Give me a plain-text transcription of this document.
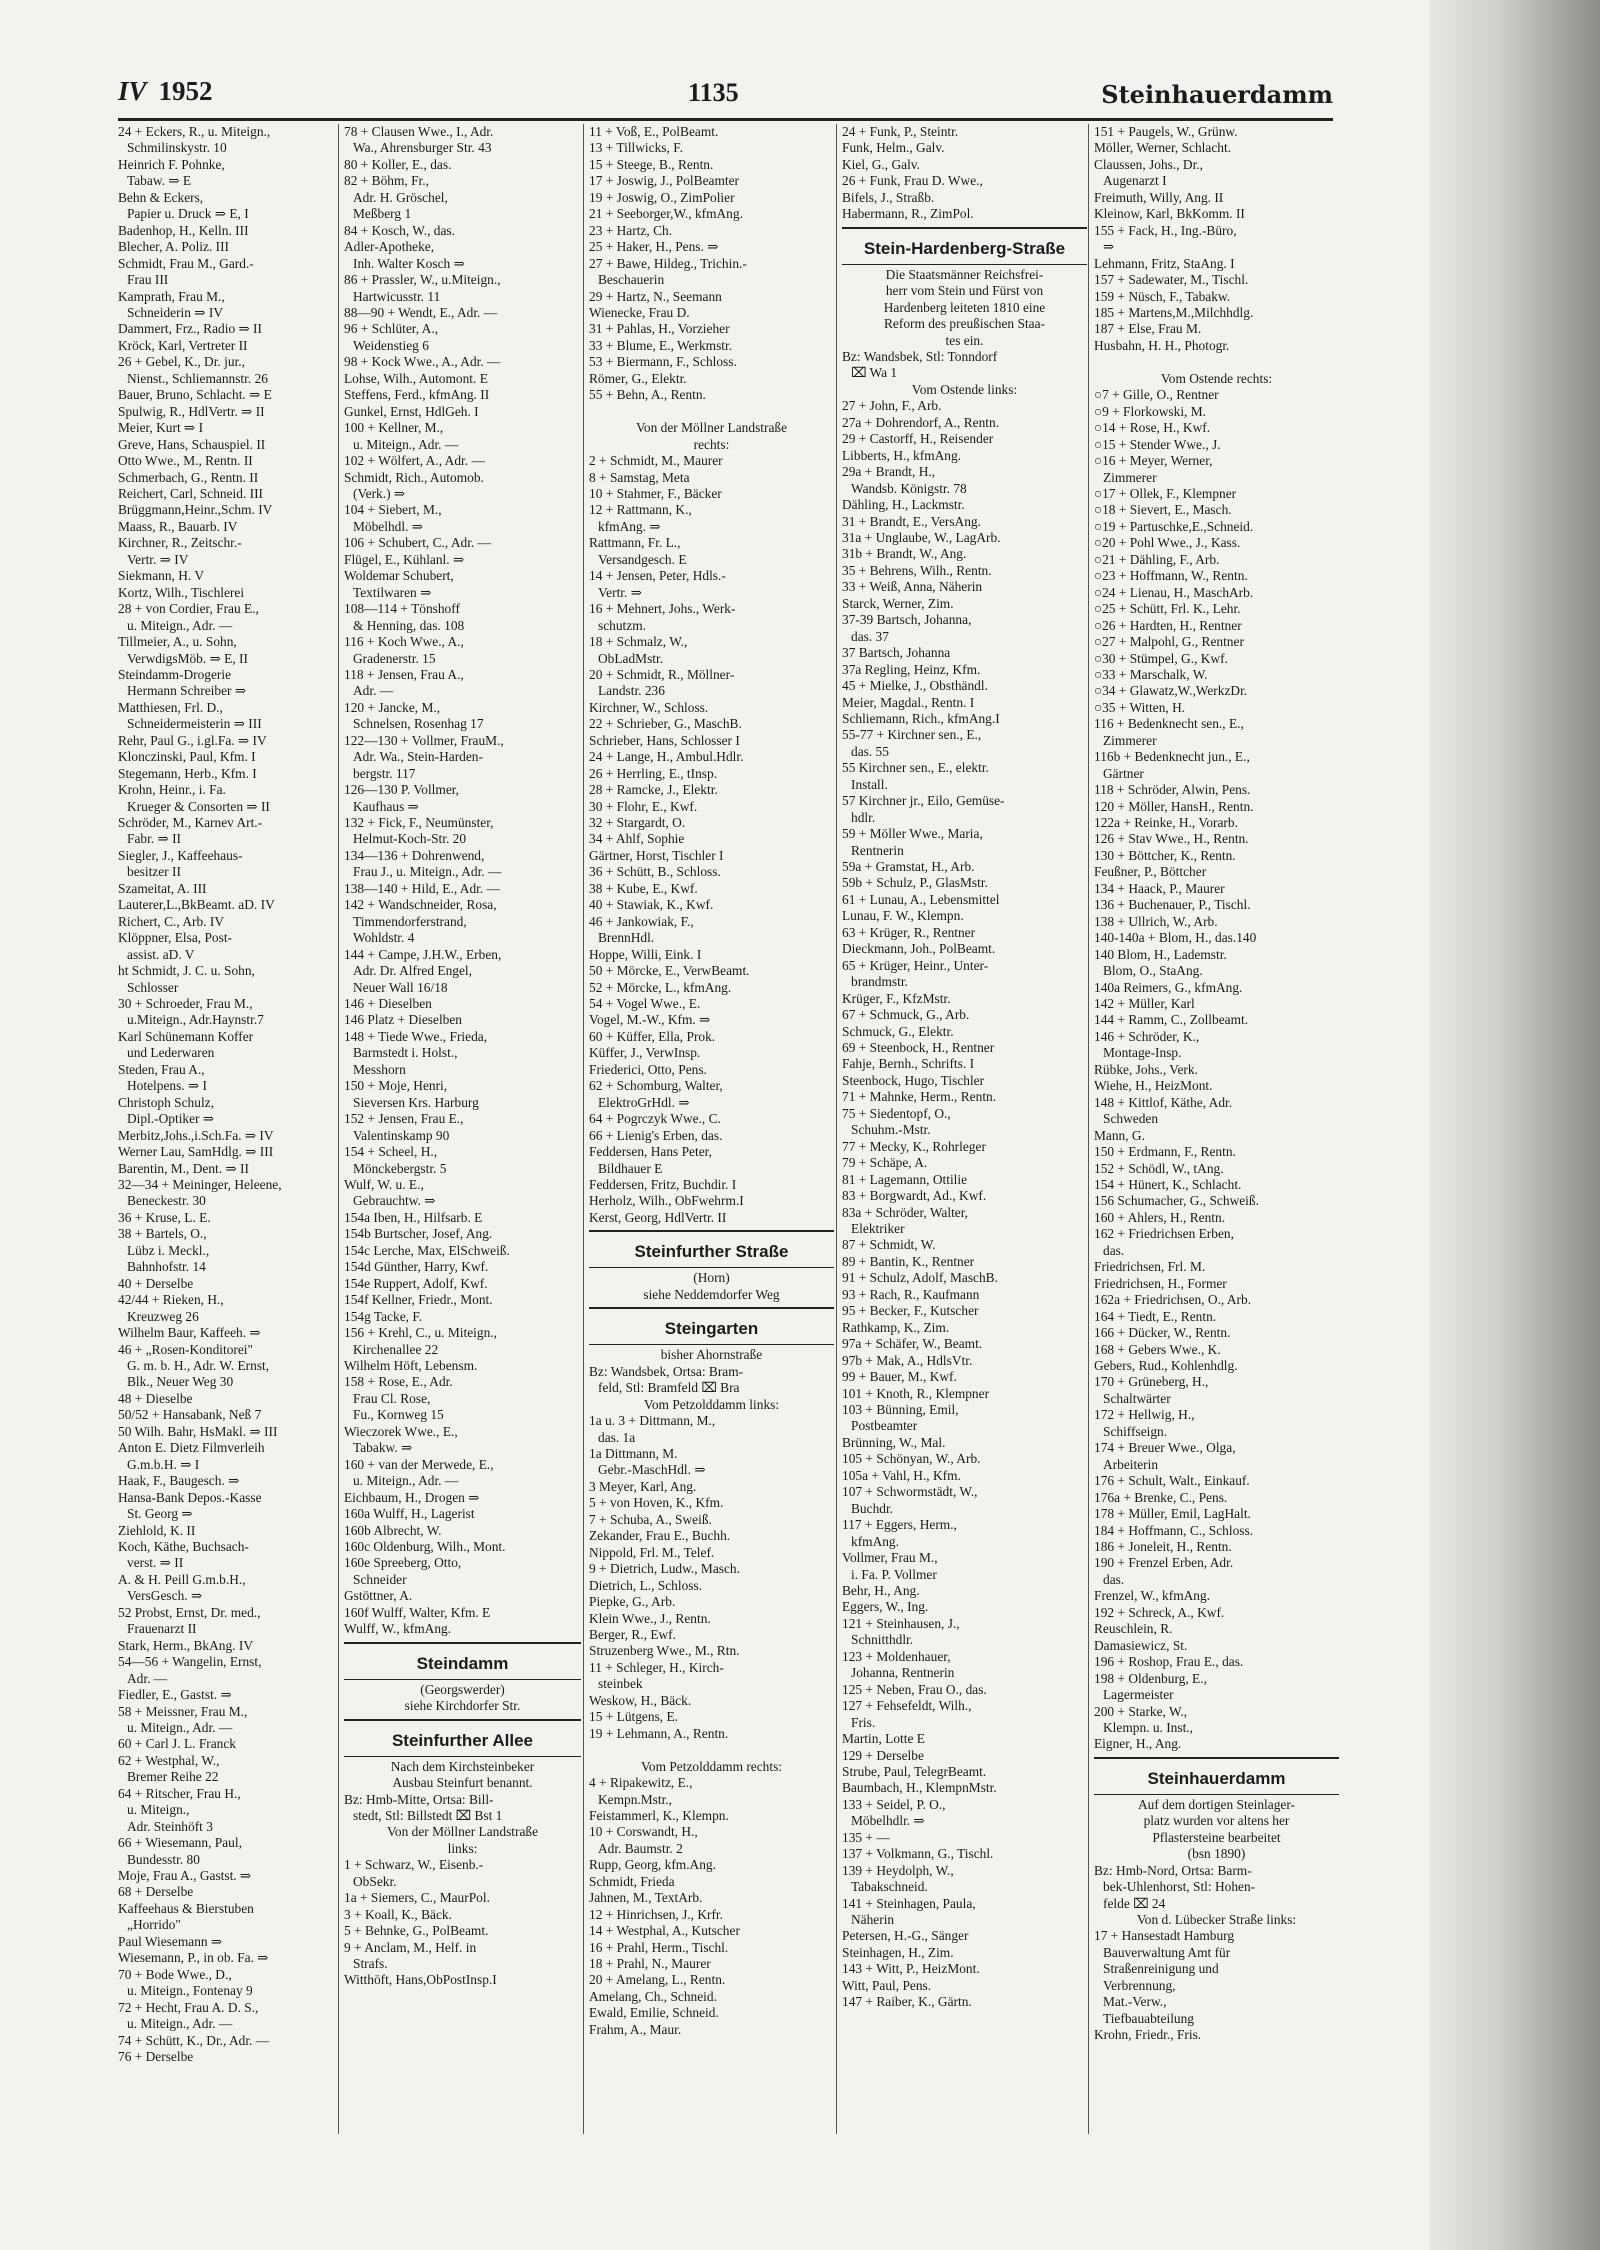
IV 1952	1135	Steinhauerdamm
24 + Eckers, R., u. Miteign.,
Schmilinskystr. 10
Heinrich F. Pohnke,
Tabaw. ⇒ E
Behn & Eckers,
Papier u. Druck ⇒ E, I
Badenhop, H., Kelln. III
Blecher, A. Poliz. III
Schmidt, Frau M., Gard.-
Frau III
Kamprath, Frau M.,
Schneiderin ⇒ IV
Dammert, Frz., Radio ⇒ II
Kröck, Karl, Vertreter II
26 + Gebel, K., Dr. jur.,
Nienst., Schliemannstr. 26
Bauer, Bruno, Schlacht. ⇒ E
Spulwig, R., HdlVertr. ⇒ II
Meier, Kurt ⇒ I
Greve, Hans, Schauspiel. II
Otto Wwe., M., Rentn. II
Schmerbach, G., Rentn. II
Reichert, Carl, Schneid. III
Brüggmann,Heinr.,Schm. IV
Maass, R., Bauarb. IV
Kirchner, R., Zeitschr.-
Vertr. ⇒ IV
Siekmann, H. V
Kortz, Wilh., Tischlerei
28 + von Cordier, Frau E.,
u. Miteign., Adr. —
Tillmeier, A., u. Sohn,
VerwdigsMöb. ⇒ E, II
Steindamm-Drogerie
Hermann Schreiber ⇒
Matthiesen, Frl. D.,
Schneidermeisterin ⇒ III
Rehr, Paul G., i.gl.Fa. ⇒ IV
Klonczinski, Paul, Kfm. I
Stegemann, Herb., Kfm. I
Krohn, Heinr., i. Fa.
Krueger & Consorten ⇒ II
Schröder, M., Karnev Art.-
Fabr. ⇒ II
Siegler, J., Kaffeehaus-
besitzer II
Szameitat, A. III
Lauterer,L.,BkBeamt. aD. IV
Richert, C., Arb. IV
Klöppner, Elsa, Post-
assist. aD. V
ht Schmidt, J. C. u. Sohn,
Schlosser
30 + Schroeder, Frau M.,
u.Miteign., Adr.Haynstr.7
Karl Schünemann Koffer
und Lederwaren
Steden, Frau A.,
Hotelpens. ⇒ I
Christoph Schulz,
Dipl.-Optiker ⇒
Merbitz,Johs.,i.Sch.Fa. ⇒ IV
Werner Lau, SamHdlg. ⇒ III
Barentin, M., Dent. ⇒ II
32—34 + Meininger, Heleene,
Beneckestr. 30
36 + Kruse, L. E.
38 + Bartels, O.,
Lübz i. Meckl.,
Bahnhofstr. 14
40 + Derselbe
42/44 + Rieken, H.,
Kreuzweg 26
Wilhelm Baur, Kaffeeh. ⇒
46 + „Rosen-Konditorei"
G. m. b. H., Adr. W. Ernst,
Blk., Neuer Weg 30
48 + Dieselbe
50/52 + Hansabank, Neß 7
50 Wilh. Bahr, HsMakl. ⇒ III
Anton E. Dietz Filmverleih
G.m.b.H. ⇒ I
Haak, F., Baugesch. ⇒
Hansa-Bank Depos.-Kasse
St. Georg ⇒
Ziehlold, K. II
Koch, Käthe, Buchsach-
verst. ⇒ II
A. & H. Peill G.m.b.H.,
VersGesch. ⇒
52 Probst, Ernst, Dr. med.,
Frauenarzt II
Stark, Herm., BkAng. IV
54—56 + Wangelin, Ernst,
Adr. —
Fiedler, E., Gastst. ⇒
58 + Meissner, Frau M.,
u. Miteign., Adr. —
60 + Carl J. L. Franck
62 + Westphal, W.,
Bremer Reihe 22
64 + Ritscher, Frau H.,
u. Miteign.,
Adr. Steinhöft 3
66 + Wiesemann, Paul,
Bundesstr. 80
Moje, Frau A., Gastst. ⇒
68 + Derselbe
Kaffeehaus & Bierstuben
„Horrido"
Paul Wiesemann ⇒
Wiesemann, P., in ob. Fa. ⇒
70 + Bode Wwe., D.,
u. Miteign., Fontenay 9
72 + Hecht, Frau A. D. S.,
u. Miteign., Adr. —
74 + Schütt, K., Dr., Adr. —
76 + Derselbe
78 + Clausen Wwe., I., Adr.
Wa., Ahrensburger Str. 43
80 + Koller, E., das.
82 + Böhm, Fr.,
Adr. H. Gröschel,
Meßberg 1
84 + Kosch, W., das.
Adler-Apotheke,
Inh. Walter Kosch ⇒
86 + Prassler, W., u.Miteign.,
Hartwicusstr. 11
88—90 + Wendt, E., Adr. —
96 + Schlüter, A.,
Weidenstieg 6
98 + Kock Wwe., A., Adr. —
Lohse, Wilh., Automont. E
Steffens, Ferd., kfmAng. II
Gunkel, Ernst, HdlGeh. I
100 + Kellner, M.,
u. Miteign., Adr. —
102 + Wölfert, A., Adr. —
Schmidt, Rich., Automob.
(Verk.) ⇒
104 + Siebert, M.,
Möbelhdl. ⇒
106 + Schubert, C., Adr. —
Flügel, E., Kühlanl. ⇒
Woldemar Schubert,
Textilwaren ⇒
108—114 + Tönshoff
& Henning, das. 108
116 + Koch Wwe., A.,
Gradenerstr. 15
118 + Jensen, Frau A.,
Adr. —
120 + Jancke, M.,
Schnelsen, Rosenhag 17
122—130 + Vollmer, FrauM.,
Adr. Wa., Stein-Harden-
bergstr. 117
126—130 P. Vollmer,
Kaufhaus ⇒
132 + Fick, F., Neumünster,
Helmut-Koch-Str. 20
134—136 + Dohrenwend,
Frau J., u. Miteign., Adr. —
138—140 + Hild, E., Adr. —
142 + Wandschneider, Rosa,
Timmendorferstrand,
Wohldstr. 4
144 + Campe, J.H.W., Erben,
Adr. Dr. Alfred Engel,
Neuer Wall 16/18
146 + Dieselben
146 Platz + Dieselben
148 + Tiede Wwe., Frieda,
Barmstedt i. Holst.,
Messhorn
150 + Moje, Henri,
Sieversen Krs. Harburg
152 + Jensen, Frau E.,
Valentinskamp 90
154 + Scheel, H.,
Mönckebergstr. 5
Wulf, W. u. E.,
Gebrauchtw. ⇒
154a Iben, H., Hilfsarb. E
154b Burtscher, Josef, Ang.
154c Lerche, Max, ElSchweiß.
154d Günther, Harry, Kwf.
154e Ruppert, Adolf, Kwf.
154f Kellner, Friedr., Mont.
154g Tacke, F.
156 + Krehl, C., u. Miteign.,
Kirchenallee 22
Wilhelm Höft, Lebensm.
158 + Rose, E., Adr.
Frau Cl. Rose,
Fu., Kornweg 15
Wieczorek Wwe., E.,
Tabakw. ⇒
160 + van der Merwede, E.,
u. Miteign., Adr. —
Eichbaum, H., Drogen ⇒
160a Wulff, H., Lagerist
160b Albrecht, W.
160c Oldenburg, Wilh., Mont.
160e Spreeberg, Otto,
Schneider
Gstöttner, A.
160f Wulff, Walter, Kfm. E
Wulff, W., kfmAng.
Steindamm
(Georgswerder)
siehe Kirchdorfer Str.
Steinfurther Allee
Nach dem Kirchsteinbeker
Ausbau Steinfurt benannt.
Bz: Hmb-Mitte, Ortsa: Bill-
stedt, Stl: Billstedt ⌧ Bst 1
Von der Möllner Landstraße
links:
1 + Schwarz, W., Eisenb.-
ObSekr.
1a + Siemers, C., MaurPol.
3 + Koall, K., Bäck.
5 + Behnke, G., PolBeamt.
9 + Anclam, M., Helf. in
Strafs.
Witthöft, Hans,ObPostInsp.I
11 + Voß, E., PolBeamt.
13 + Tillwicks, F.
15 + Steege, B., Rentn.
17 + Joswig, J., PolBeamter
19 + Joswig, O., ZimPolier
21 + Seeborger,W., kfmAng.
23 + Hartz, Ch.
25 + Haker, H., Pens. ⇒
27 + Bawe, Hildeg., Trichin.-
Beschauerin
29 + Hartz, N., Seemann
Wienecke, Frau D.
31 + Pahlas, H., Vorzieher
33 + Blume, E., Werkmstr.
53 + Biermann, F., Schloss.
Römer, G., Elektr.
55 + Behn, A., Rentn.

Von der Möllner Landstraße
rechts:
2 + Schmidt, M., Maurer
8 + Samstag, Meta
10 + Stahmer, F., Bäcker
12 + Rattmann, K.,
kfmAng. ⇒
Rattmann, Fr. L.,
Versandgesch. E
14 + Jensen, Peter, Hdls.-
Vertr. ⇒
16 + Mehnert, Johs., Werk-
schutzm.
18 + Schmalz, W.,
ObLadMstr.
20 + Schmidt, R., Möllner-
Landstr. 236
Kirchner, W., Schloss.
22 + Schrieber, G., MaschB.
Schrieber, Hans, Schlosser I
24 + Lange, H., Ambul.Hdlr.
26 + Herrling, E., tInsp.
28 + Ramcke, J., Elektr.
30 + Flohr, E., Kwf.
32 + Stargardt, O.
34 + Ahlf, Sophie
Gärtner, Horst, Tischler I
36 + Schütt, B., Schloss.
38 + Kube, E., Kwf.
40 + Stawiak, K., Kwf.
46 + Jankowiak, F.,
BrennHdl.
Hoppe, Willi, Eink. I
50 + Mörcke, E., VerwBeamt.
52 + Mörcke, L., kfmAng.
54 + Vogel Wwe., E.
Vogel, M.-W., Kfm. ⇒
60 + Küffer, Ella, Prok.
Küffer, J., VerwInsp.
Friederici, Otto, Pens.
62 + Schomburg, Walter,
ElektroGrHdl. ⇒
64 + Pogrczyk Wwe., C.
66 + Lienig's Erben, das.
Feddersen, Hans Peter,
Bildhauer E
Feddersen, Fritz, Buchdir. I
Herholz, Wilh., ObFwehrm.I
Kerst, Georg, HdlVertr. II
Steinfurther Straße
(Horn)
siehe Neddemdorfer Weg
Steingarten
bisher Ahornstraße
Bz: Wandsbek, Ortsa: Bram-
feld, Stl: Bramfeld ⌧ Bra
Vom Petzolddamm links:
1a u. 3 + Dittmann, M.,
das. 1a
1a Dittmann, M.
Gebr.-MaschHdl. ⇒
3 Meyer, Karl, Ang.
5 + von Hoven, K., Kfm.
7 + Schuba, A., Sweiß.
Zekander, Frau E., Buchh.
Nippold, Frl. M., Telef.
9 + Dietrich, Ludw., Masch.
Dietrich, L., Schloss.
Piepke, G., Arb.
Klein Wwe., J., Rentn.
Berger, R., Ewf.
Struzenberg Wwe., M., Rtn.
11 + Schleger, H., Kirch-
steinbek
Weskow, H., Bäck.
15 + Lütgens, E.
19 + Lehmann, A., Rentn.

Vom Petzolddamm rechts:
4 + Ripakewitz, E.,
Kempn.Mstr.,
Feistammerl, K., Klempn.
10 + Corswandt, H.,
Adr. Baumstr. 2
Rupp, Georg, kfm.Ang.
Schmidt, Frieda
Jahnen, M., TextArb.
12 + Hinrichsen, J., Krfr.
14 + Westphal, A., Kutscher
16 + Prahl, Herm., Tischl.
18 + Prahl, N., Maurer
20 + Amelang, L., Rentn.
Amelang, Ch., Schneid.
Ewald, Emilie, Schneid.
Frahm, A., Maur.
24 + Funk, P., Steintr.
Funk, Helm., Galv.
Kiel, G., Galv.
26 + Funk, Frau D. Wwe.,
Bifels, J., Straßb.
Habermann, R., ZimPol.
Stein-Hardenberg-Straße
Die Staatsmänner Reichsfrei-
herr vom Stein und Fürst von
Hardenberg leiteten 1810 eine
Reform des preußischen Staa-
tes ein.
Bz: Wandsbek, Stl: Tonndorf
⌧ Wa 1
Vom Ostende links:
27 + John, F., Arb.
27a + Dohrendorf, A., Rentn.
29 + Castorff, H., Reisender
Libberts, H., kfmAng.
29a + Brandt, H.,
Wandsb. Königstr. 78
Dähling, H., Lackmstr.
31 + Brandt, E., VersAng.
31a + Unglaube, W., LagArb.
31b + Brandt, W., Ang.
35 + Behrens, Wilh., Rentn.
33 + Weiß, Anna, Näherin
Starck, Werner, Zim.
37-39 Bartsch, Johanna,
das. 37
37 Bartsch, Johanna
37a Regling, Heinz, Kfm.
45 + Mielke, J., Obsthändl.
Meier, Magdal., Rentn. I
Schliemann, Rich., kfmAng.I
55-77 + Kirchner sen., E.,
das. 55
55 Kirchner sen., E., elektr.
Install.
57 Kirchner jr., Eilo, Gemüse-
hdlr.
59 + Möller Wwe., Maria,
Rentnerin
59a + Gramstat, H., Arb.
59b + Schulz, P., GlasMstr.
61 + Lunau, A., Lebensmittel
Lunau, F. W., Klempn.
63 + Krüger, R., Rentner
Dieckmann, Joh., PolBeamt.
65 + Krüger, Heinr., Unter-
brandmstr.
Krüger, F., KfzMstr.
67 + Schmuck, G., Arb.
Schmuck, G., Elektr.
69 + Steenbock, H., Rentner
Fahje, Bernh., Schrifts. I
Steenbock, Hugo, Tischler
71 + Mahnke, Herm., Rentn.
75 + Siedentopf, O.,
Schuhm.-Mstr.
77 + Mecky, K., Rohrleger
79 + Schäpe, A.
81 + Lagemann, Ottilie
83 + Borgwardt, Ad., Kwf.
83a + Schröder, Walter,
Elektriker
87 + Schmidt, W.
89 + Bantin, K., Rentner
91 + Schulz, Adolf, MaschB.
93 + Rach, R., Kaufmann
95 + Becker, F., Kutscher
Rathkamp, K., Zim.
97a + Schäfer, W., Beamt.
97b + Mak, A., HdlsVtr.
99 + Bauer, M., Kwf.
101 + Knoth, R., Klempner
103 + Bünning, Emil,
Postbeamter
Brünning, W., Mal.
105 + Schönyan, W., Arb.
105a + Vahl, H., Kfm.
107 + Schwormstädt, W.,
Buchdr.
117 + Eggers, Herm.,
kfmAng.
Vollmer, Frau M.,
i. Fa. P. Vollmer
Behr, H., Ang.
Eggers, W., Ing.
121 + Steinhausen, J.,
Schnitthdlr.
123 + Moldenhauer,
Johanna, Rentnerin
125 + Neben, Frau O., das.
127 + Fehsefeldt, Wilh.,
Fris.
Martin, Lotte E
129 + Derselbe
Strube, Paul, TelegrBeamt.
Baumbach, H., KlempnMstr.
133 + Seidel, P. O.,
Möbelhdlr. ⇒
135 + —
137 + Volkmann, G., Tischl.
139 + Heydolph, W.,
Tabakschneid.
141 + Steinhagen, Paula,
Näherin
Petersen, H.-G., Sänger
Steinhagen, H., Zim.
143 + Witt, P., HeizMont.
Witt, Paul, Pens.
147 + Raiber, K., Gärtn.
151 + Paugels, W., Grünw.
Möller, Werner, Schlacht.
Claussen, Johs., Dr.,
Augenarzt I
Freimuth, Willy, Ang. II
Kleinow, Karl, BkKomm. II
155 + Fack, H., Ing.-Büro,
⇒
Lehmann, Fritz, StaAng. I
157 + Sadewater, M., Tischl.
159 + Nüsch, F., Tabakw.
185 + Martens,M.,Milchhdlg.
187 + Else, Frau M.
Husbahn, H. H., Photogr.

Vom Ostende rechts:
○7 + Gille, O., Rentner
○9 + Florkowski, M.
○14 + Rose, H., Kwf.
○15 + Stender Wwe., J.
○16 + Meyer, Werner,
Zimmerer
○17 + Ollek, F., Klempner
○18 + Sievert, E., Masch.
○19 + Partuschke,E.,Schneid.
○20 + Pohl Wwe., J., Kass.
○21 + Dähling, F., Arb.
○23 + Hoffmann, W., Rentn.
○24 + Lienau, H., MaschArb.
○25 + Schütt, Frl. K., Lehr.
○26 + Hardten, H., Rentner
○27 + Malpohl, G., Rentner
○30 + Stümpel, G., Kwf.
○33 + Marschalk, W.
○34 + Glawatz,W.,WerkzDr.
○35 + Witten, H.
116 + Bedenknecht sen., E.,
Zimmerer
116b + Bedenknecht jun., E.,
Gärtner
118 + Schröder, Alwin, Pens.
120 + Möller, HansH., Rentn.
122a + Reinke, H., Vorarb.
126 + Stav Wwe., H., Rentn.
130 + Böttcher, K., Rentn.
Feußner, P., Böttcher
134 + Haack, P., Maurer
136 + Buchenauer, P., Tischl.
138 + Ullrich, W., Arb.
140-140a + Blom, H., das.140
140 Blom, H., Lademstr.
Blom, O., StaAng.
140a Reimers, G., kfmAng.
142 + Müller, Karl
144 + Ramm, C., Zollbeamt.
146 + Schröder, K.,
Montage-Insp.
Rübke, Johs., Verk.
Wiehe, H., HeizMont.
148 + Kittlof, Käthe, Adr.
Schweden
Mann, G.
150 + Erdmann, F., Rentn.
152 + Schödl, W., tAng.
154 + Hünert, K., Schlacht.
156 Schumacher, G., Schweiß.
160 + Ahlers, H., Rentn.
162 + Friedrichsen Erben,
das.
Friedrichsen, Frl. M.
Friedrichsen, H., Former
162a + Friedrichsen, O., Arb.
164 + Tiedt, E., Rentn.
166 + Dücker, W., Rentn.
168 + Gebers Wwe., K.
Gebers, Rud., Kohlenhdlg.
170 + Grüneberg, H.,
Schaltwärter
172 + Hellwig, H.,
Schiffseign.
174 + Breuer Wwe., Olga,
Arbeiterin
176 + Schult, Walt., Einkauf.
176a + Brenke, C., Pens.
178 + Müller, Emil, LagHalt.
184 + Hoffmann, C., Schloss.
186 + Joneleit, H., Rentn.
190 + Frenzel Erben, Adr.
das.
Frenzel, W., kfmAng.
192 + Schreck, A., Kwf.
Reuschlein, R.
Damasiewicz, St.
196 + Roshop, Frau E., das.
198 + Oldenburg, E.,
Lagermeister
200 + Starke, W.,
Klempn. u. Inst.,
Eigner, H., Ang.
Steinhauerdamm
Auf dem dortigen Steinlager-
platz wurden vor altens her
Pflastersteine bearbeitet
(bsn 1890)
Bz: Hmb-Nord, Ortsa: Barm-
bek-Uhlenhorst, Stl: Hohen-
felde ⌧ 24
Von d. Lübecker Straße links:
17 + Hansestadt Hamburg
Bauverwaltung Amt für
Straßenreinigung und
Verbrennung,
Mat.-Verw.,
Tiefbauabteilung
Krohn, Friedr., Fris.
